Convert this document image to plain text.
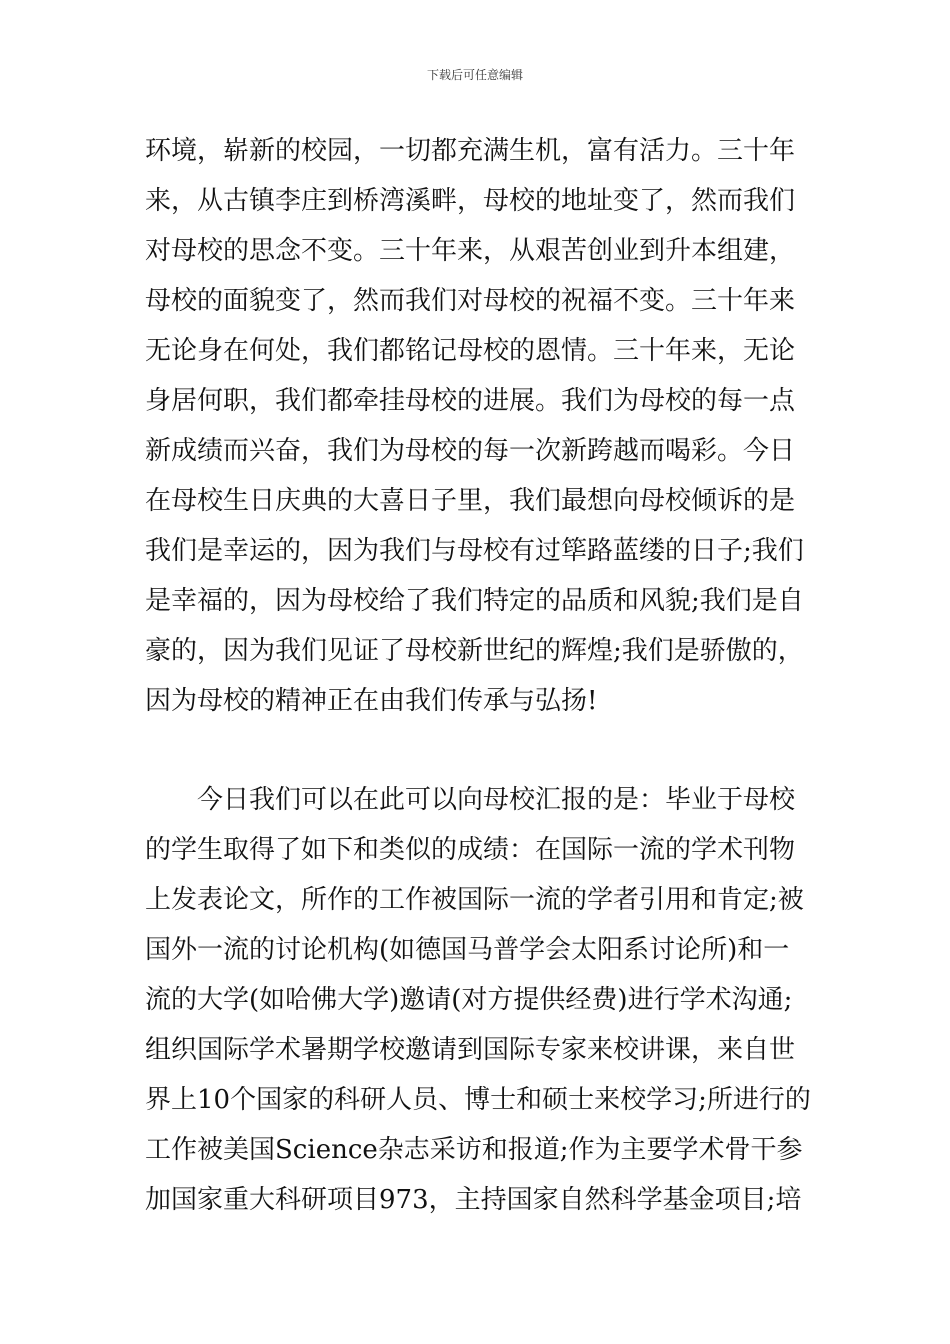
下载后可任意编辑
环境，崭新的校园，一切都充满生机，富有活力。三十年
来，从古镇李庄到桥湾溪畔，母校的地址变了，然而我们
对母校的思念不变。三十年来，从艰苦创业到升本组建，
母校的面貌变了，然而我们对母校的祝福不变。三十年来
无论身在何处，我们都铭记母校的恩情。三十年来，无论
身居何职，我们都牵挂母校的进展。我们为母校的每一点
新成绩而兴奋，我们为母校的每一次新跨越而喝彩。今日
在母校生日庆典的大喜日子里，我们最想向母校倾诉的是
我们是幸运的，因为我们与母校有过筚路蓝缕的日子;我们
是幸福的，因为母校给了我们特定的品质和风貌;我们是自
豪的，因为我们见证了母校新世纪的辉煌;我们是骄傲的，
因为母校的精神正在由我们传承与弘扬!
　　今日我们可以在此可以向母校汇报的是：毕业于母校
的学生取得了如下和类似的成绩：在国际一流的学术刊物
上发表论文，所作的工作被国际一流的学者引用和肯定;被
国外一流的讨论机构(如德国马普学会太阳系讨论所)和一
流的大学(如哈佛大学)邀请(对方提供经费)进行学术沟通;
组织国际学术暑期学校邀请到国际专家来校讲课，来自世
界上10个国家的科研人员、博士和硕士来校学习;所进行的
工作被美国Science杂志采访和报道;作为主要学术骨干参
加国家重大科研项目973，主持国家自然科学基金项目;培
